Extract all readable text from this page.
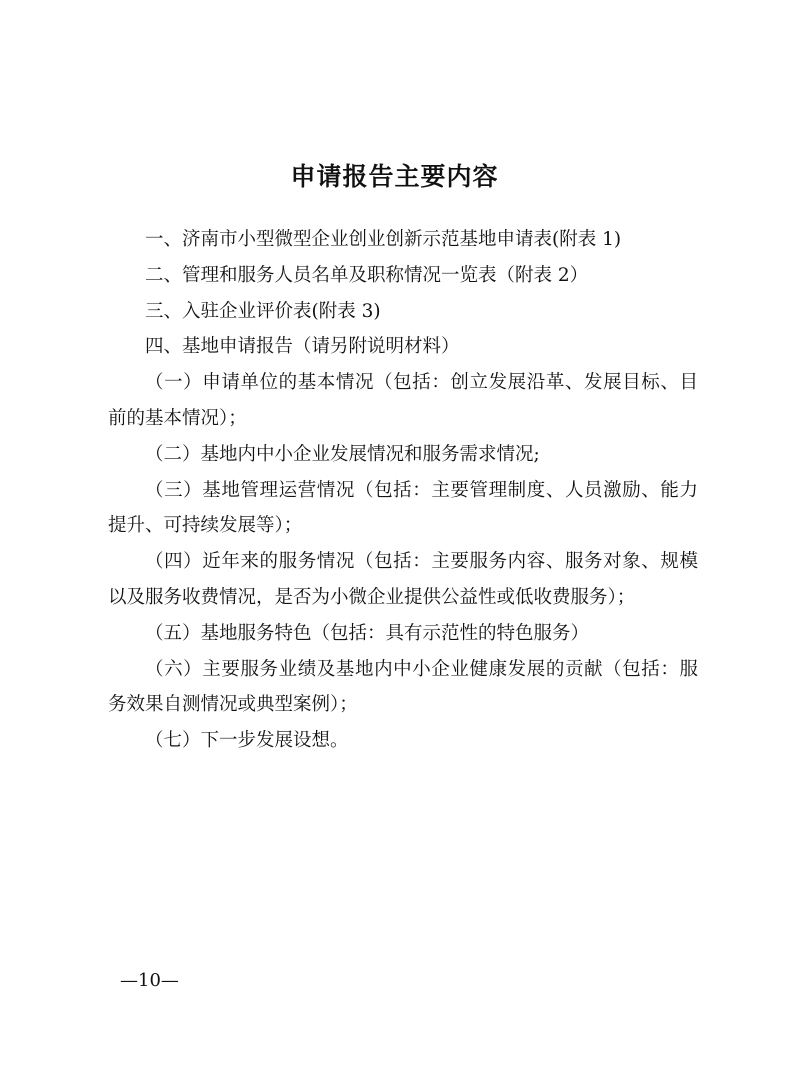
申请报告主要内容

一、济南市小型微型企业创业创新示范基地申请表(附表 1)

二、管理和服务人员名单及职称情况一览表（附表 2）

三、入驻企业评价表(附表 3)

四、基地申请报告（请另附说明材料）

（一）申请单位的基本情况（包括：创立发展沿革、发展目标、目前的基本情况）；

（二）基地内中小企业发展情况和服务需求情况;

（三）基地管理运营情况（包括：主要管理制度、人员激励、能力提升、可持续发展等）；

（四）近年来的服务情况（包括：主要服务内容、服务对象、规模以及服务收费情况，是否为小微企业提供公益性或低收费服务）；

（五）基地服务特色（包括：具有示范性的特色服务）

（六）主要服务业绩及基地内中小企业健康发展的贡献（包括：服务效果自测情况或典型案例）；

（七）下一步发展设想。

—10—
